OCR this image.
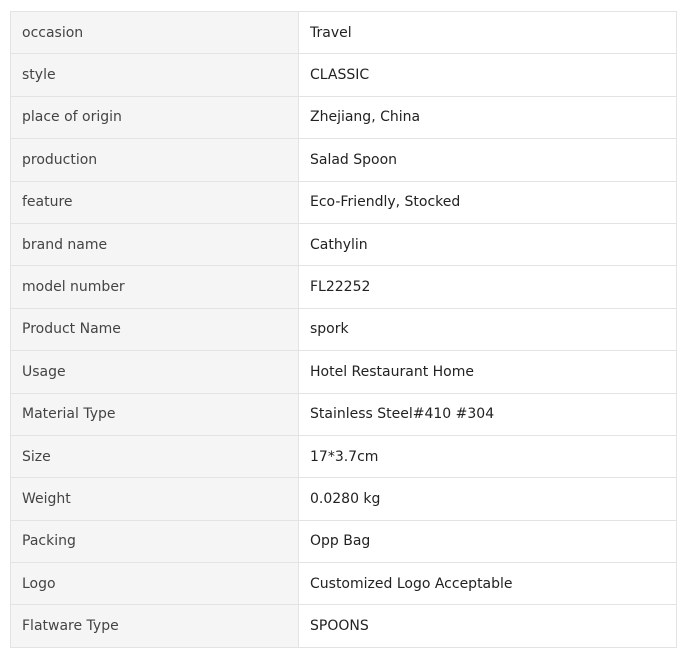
occasion	Travel
style	CLASSIC
place of origin	Zhejiang, China
production	Salad Spoon
feature	Eco-Friendly, Stocked
brand name	Cathylin
model number	FL22252
Product Name	spork
Usage	Hotel Restaurant Home
Material Type	Stainless Steel#410 #304
Size	17*3.7cm
Weight	0.0280 kg
Packing	Opp Bag
Logo	Customized Logo Acceptable
Flatware Type	SPOONS
